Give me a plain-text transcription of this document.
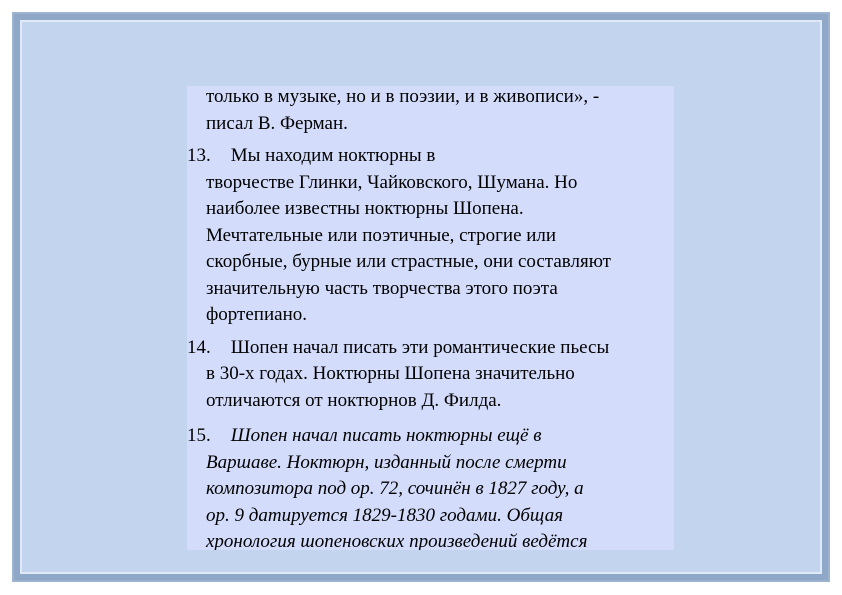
только в музыке, но и в поэзии, и в живописи», -
писал В. Ферман.
13. Мы находим ноктюрны в
творчестве Глинки, Чайковского, Шумана. Но
наиболее известны ноктюрны Шопена.
Мечтательные или поэтичные, строгие или
скорбные, бурные или страстные, они составляют
значительную часть творчества этого поэта
фортепиано.
14. Шопен начал писать эти романтические пьесы
в 30-х годах. Ноктюрны Шопена значительно
отличаются от ноктюрнов Д. Филда.
15. Шопен начал писать ноктюрны ещё в
Варшаве. Ноктюрн, изданный после смерти
композитора под ор. 72, сочинён в 1827 году, а
ор. 9 датируется 1829-1830 годами. Общая
хронология шопеновских произведений ведётся
